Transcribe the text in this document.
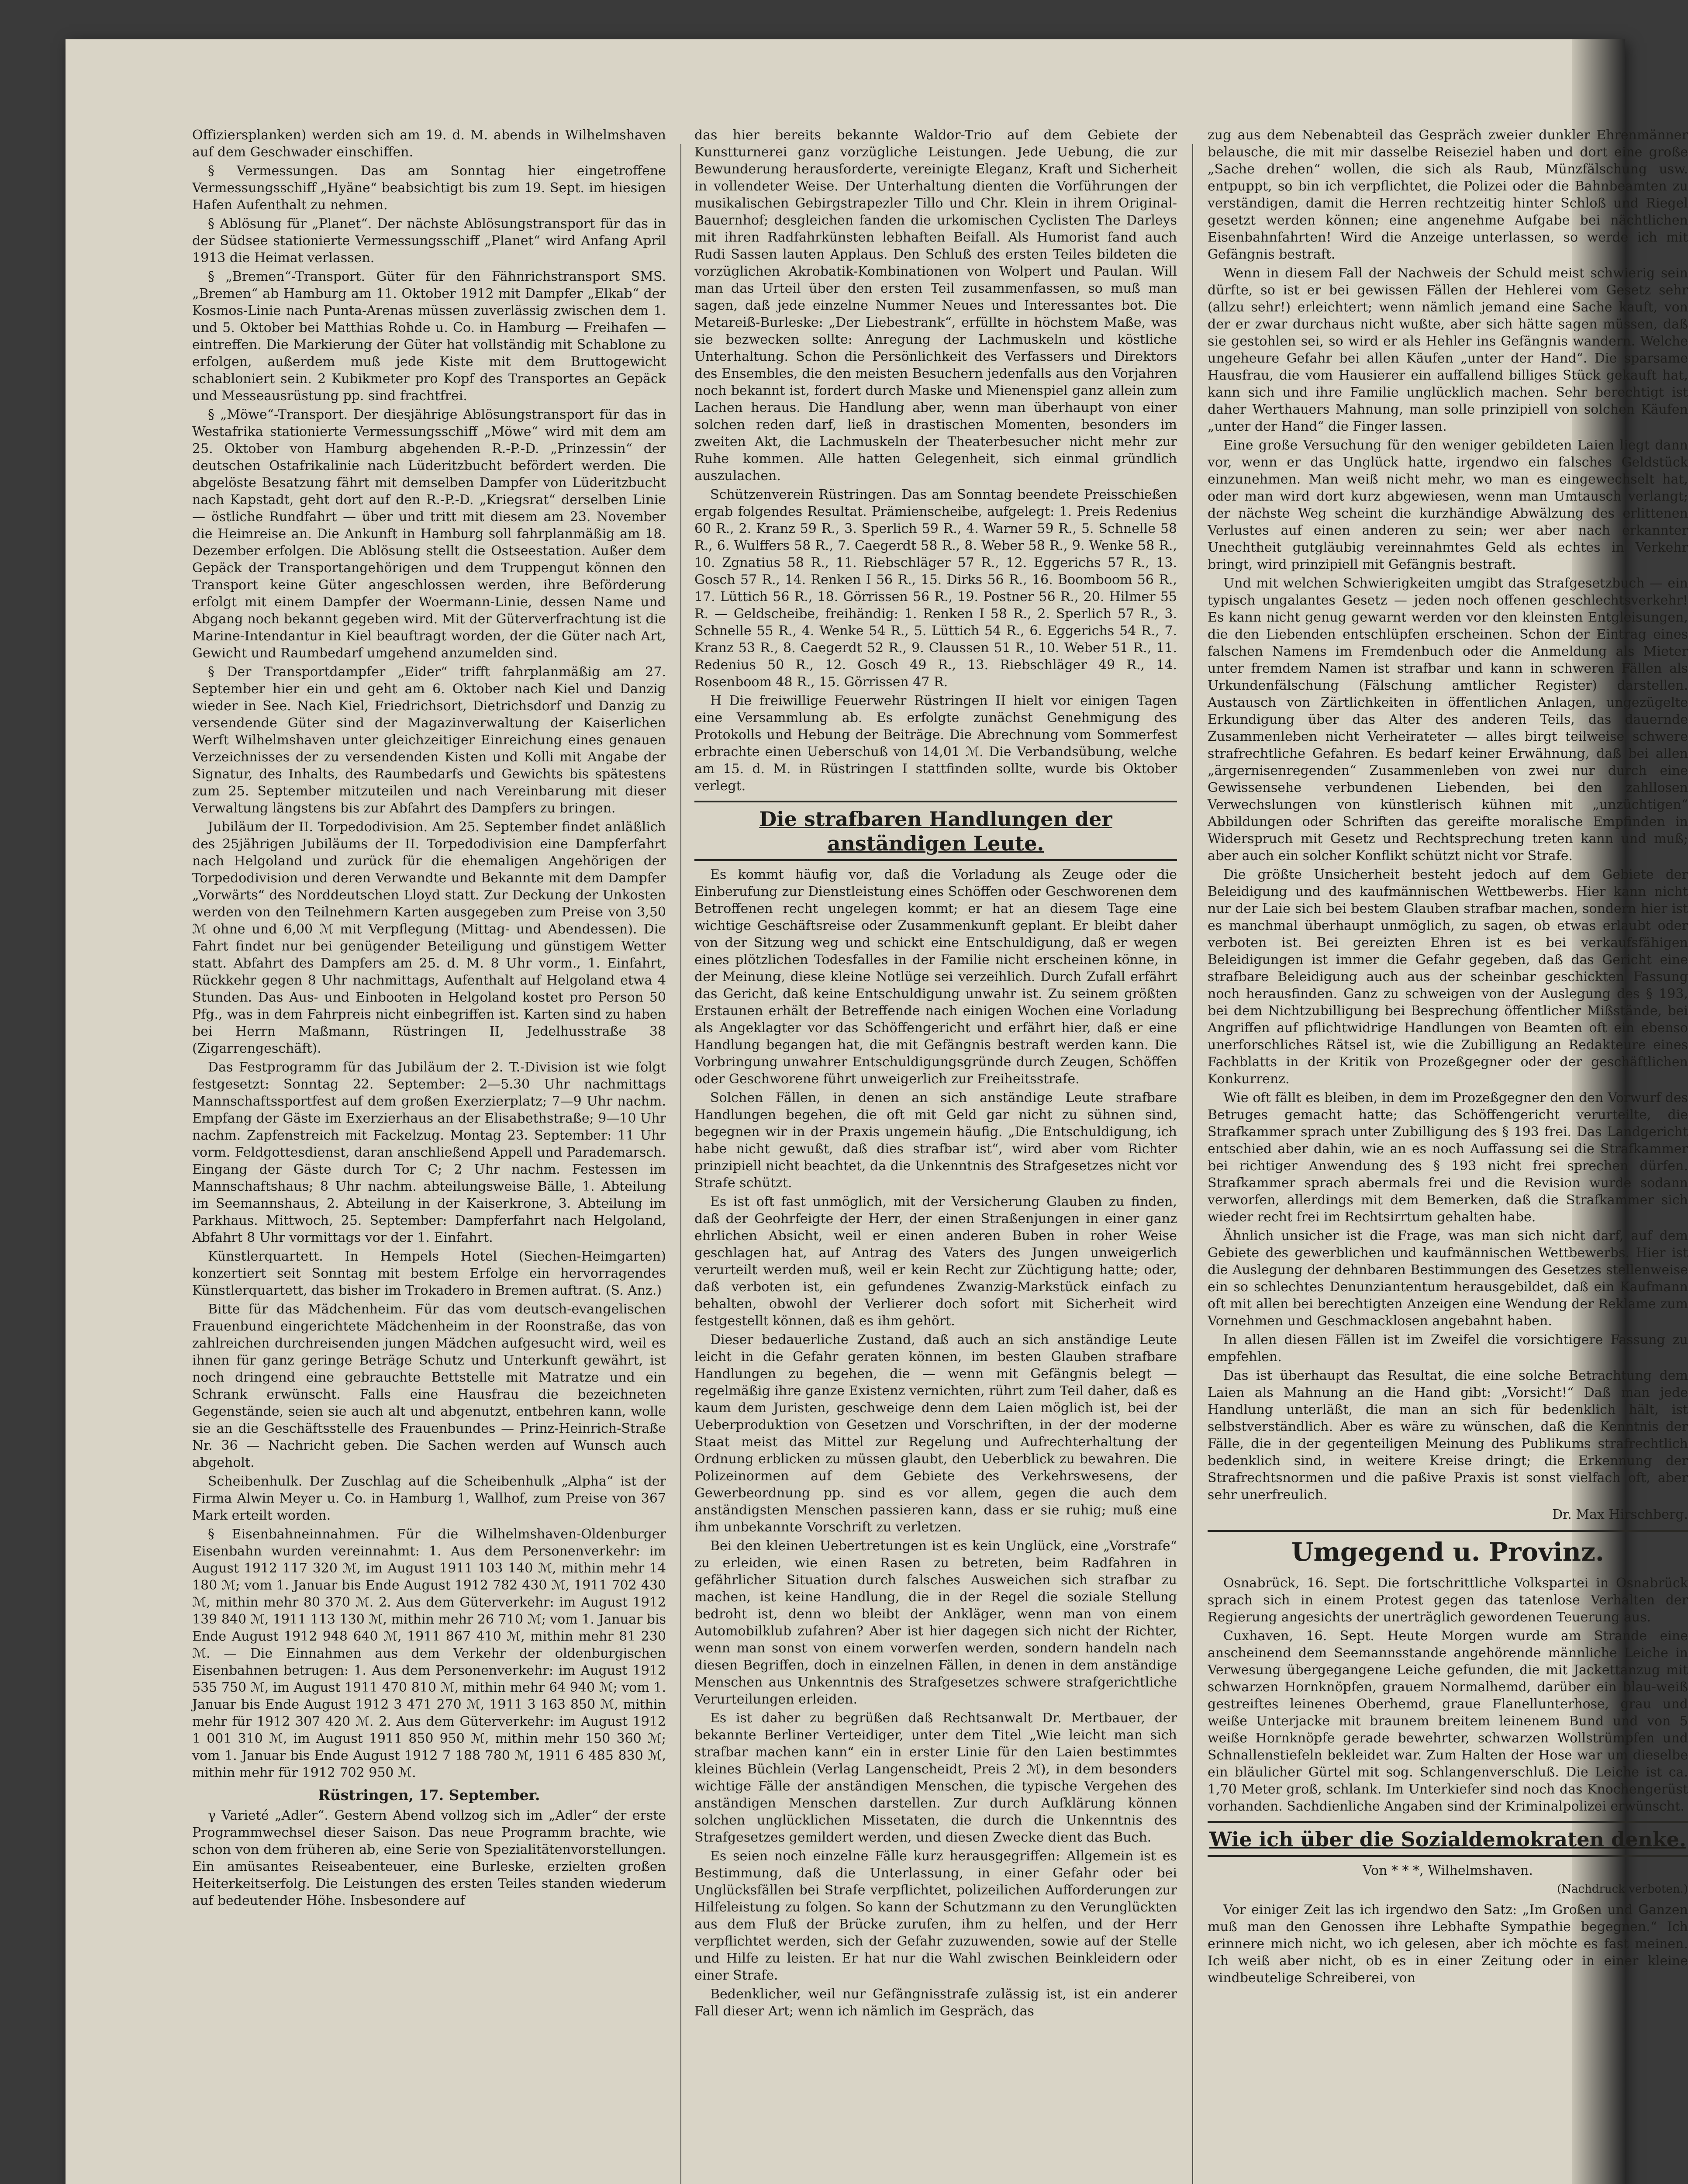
Offiziersplanken) werden sich am 19. d. M. abends in Wilhelmshaven auf dem Geschwader einschiffen.

§ Vermessungen. Das am Sonntag hier eingetroffene Vermessungsschiff „Hyäne“ beabsichtigt bis zum 19. Sept. im hiesigen Hafen Aufenthalt zu nehmen.

§ Ablösung für „Planet“. Der nächste Ablösungstransport für das in der Südsee stationierte Vermessungsschiff „Planet“ wird Anfang April 1913 die Heimat verlassen.

§ „Bremen“-Transport. Güter für den Fähnrichstransport SMS. „Bremen“ ab Hamburg am 11. Oktober 1912 mit Dampfer „Elkab“ der Kosmos-Linie nach Punta-Arenas müssen zuverlässig zwischen dem 1. und 5. Oktober bei Matthias Rohde u. Co. in Hamburg — Freihafen — eintreffen. Die Markierung der Güter hat vollständig mit Schablone zu erfolgen, außerdem muß jede Kiste mit dem Bruttogewicht schabloniert sein. 2 Kubikmeter pro Kopf des Transportes an Gepäck und Messeausrüstung pp. sind frachtfrei.

§ „Möwe“-Transport. Der diesjährige Ablösungstransport für das in Westafrika stationierte Vermessungsschiff „Möwe“ wird mit dem am 25. Oktober von Hamburg abgehenden R.-P.-D. „Prinzessin“ der deutschen Ostafrikalinie nach Lüderitzbucht befördert werden. Die abgelöste Besatzung fährt mit demselben Dampfer von Lüderitzbucht nach Kapstadt, geht dort auf den R.-P.-D. „Kriegsrat“ derselben Linie — östliche Rundfahrt — über und tritt mit diesem am 23. November die Heimreise an. Die Ankunft in Hamburg soll fahrplanmäßig am 18. Dezember erfolgen. Die Ablösung stellt die Ostseestation. Außer dem Gepäck der Transportangehörigen und dem Truppengut können den Transport keine Güter angeschlossen werden, ihre Beförderung erfolgt mit einem Dampfer der Woermann-Linie, dessen Name und Abgang noch bekannt gegeben wird. Mit der Güterverfrachtung ist die Marine-Intendantur in Kiel beauftragt worden, der die Güter nach Art, Gewicht und Raumbedarf umgehend anzumelden sind.

§ Der Transportdampfer „Eider“ trifft fahrplanmäßig am 27. September hier ein und geht am 6. Oktober nach Kiel und Danzig wieder in See. Nach Kiel, Friedrichsort, Dietrichsdorf und Danzig zu versendende Güter sind der Magazinverwaltung der Kaiserlichen Werft Wilhelmshaven unter gleichzeitiger Einreichung eines genauen Verzeichnisses der zu versendenden Kisten und Kolli mit Angabe der Signatur, des Inhalts, des Raumbedarfs und Gewichts bis spätestens zum 25. September mitzuteilen und nach Vereinbarung mit dieser Verwaltung längstens bis zur Abfahrt des Dampfers zu bringen.

Jubiläum der II. Torpedodivision. Am 25. September findet anläßlich des 25jährigen Jubiläums der II. Torpedodivision eine Dampferfahrt nach Helgoland und zurück für die ehemaligen Angehörigen der Torpedodivision und deren Verwandte und Bekannte mit dem Dampfer „Vorwärts“ des Norddeutschen Lloyd statt. Zur Deckung der Unkosten werden von den Teilnehmern Karten ausgegeben zum Preise von 3,50 ℳ ohne und 6,00 ℳ mit Verpflegung (Mittag- und Abendessen). Die Fahrt findet nur bei genügender Beteiligung und günstigem Wetter statt. Abfahrt des Dampfers am 25. d. M. 8 Uhr vorm., 1. Einfahrt, Rückkehr gegen 8 Uhr nachmittags, Aufenthalt auf Helgoland etwa 4 Stunden. Das Aus- und Einbooten in Helgoland kostet pro Person 50 Pfg., was in dem Fahrpreis nicht einbegriffen ist. Karten sind zu haben bei Herrn Maßmann, Rüstringen II, Jedelhusstraße 38 (Zigarrengeschäft).

Das Festprogramm für das Jubiläum der 2. T.-Division ist wie folgt festgesetzt: Sonntag 22. September: 2—5.30 Uhr nachmittags Mannschaftssportfest auf dem großen Exerzierplatz; 7—9 Uhr nachm. Empfang der Gäste im Exerzierhaus an der Elisabethstraße; 9—10 Uhr nachm. Zapfenstreich mit Fackelzug. Montag 23. September: 11 Uhr vorm. Feldgottesdienst, daran anschließend Appell und Parademarsch. Eingang der Gäste durch Tor C; 2 Uhr nachm. Festessen im Mannschaftshaus; 8 Uhr nachm. abteilungsweise Bälle, 1. Abteilung im Seemannshaus, 2. Abteilung in der Kaiserkrone, 3. Abteilung im Parkhaus. Mittwoch, 25. September: Dampferfahrt nach Helgoland, Abfahrt 8 Uhr vormittags vor der 1. Einfahrt.

Künstlerquartett. In Hempels Hotel (Siechen-Heimgarten) konzertiert seit Sonntag mit bestem Erfolge ein hervorragendes Künstlerquartett, das bisher im Trokadero in Bremen auftrat. (S. Anz.)

Bitte für das Mädchenheim. Für das vom deutsch-evangelischen Frauenbund eingerichtete Mädchenheim in der Roonstraße, das von zahlreichen durchreisenden jungen Mädchen aufgesucht wird, weil es ihnen für ganz geringe Beträge Schutz und Unterkunft gewährt, ist noch dringend eine gebrauchte Bettstelle mit Matratze und ein Schrank erwünscht. Falls eine Hausfrau die bezeichneten Gegenstände, seien sie auch alt und abgenutzt, entbehren kann, wolle sie an die Geschäftsstelle des Frauenbundes — Prinz-Heinrich-Straße Nr. 36 — Nachricht geben. Die Sachen werden auf Wunsch auch abgeholt.

Scheibenhulk. Der Zuschlag auf die Scheibenhulk „Alpha“ ist der Firma Alwin Meyer u. Co. in Hamburg 1, Wallhof, zum Preise von 367 Mark erteilt worden.

§ Eisenbahneinnahmen. Für die Wilhelmshaven-Oldenburger Eisenbahn wurden vereinnahmt: 1. Aus dem Personenverkehr: im August 1912 117 320 ℳ, im August 1911 103 140 ℳ, mithin mehr 14 180 ℳ; vom 1. Januar bis Ende August 1912 782 430 ℳ, 1911 702 430 ℳ, mithin mehr 80 370 ℳ. 2. Aus dem Güterverkehr: im August 1912 139 840 ℳ, 1911 113 130 ℳ, mithin mehr 26 710 ℳ; vom 1. Januar bis Ende August 1912 948 640 ℳ, 1911 867 410 ℳ, mithin mehr 81 230 ℳ. — Die Einnahmen aus dem Verkehr der oldenburgischen Eisenbahnen betrugen: 1. Aus dem Personenverkehr: im August 1912 535 750 ℳ, im August 1911 470 810 ℳ, mithin mehr 64 940 ℳ; vom 1. Januar bis Ende August 1912 3 471 270 ℳ, 1911 3 163 850 ℳ, mithin mehr für 1912 307 420 ℳ. 2. Aus dem Güterverkehr: im August 1912 1 001 310 ℳ, im August 1911 850 950 ℳ, mithin mehr 150 360 ℳ; vom 1. Januar bis Ende August 1912 7 188 780 ℳ, 1911 6 485 830 ℳ, mithin mehr für 1912 702 950 ℳ.

Rüstringen, 17. September.

γ Varieté „Adler“. Gestern Abend vollzog sich im „Adler“ der erste Programmwechsel dieser Saison. Das neue Programm brachte, wie schon von dem früheren ab, eine Serie von Spezialitätenvorstellungen. Ein amüsantes Reiseabenteuer, eine Burleske, erzielten großen Heiterkeitserfolg. Die Leistungen des ersten Teiles standen wiederum auf bedeutender Höhe. Insbesondere auf

das hier bereits bekannte Waldor-Trio auf dem Gebiete der Kunstturnerei ganz vorzügliche Leistungen. Jede Uebung, die zur Bewunderung herausforderte, vereinigte Eleganz, Kraft und Sicherheit in vollendeter Weise. Der Unterhaltung dienten die Vorführungen der musikalischen Gebirgstrapezler Tillo und Chr. Klein in ihrem Original-Bauernhof; desgleichen fanden die urkomischen Cyclisten The Darleys mit ihren Radfahrkünsten lebhaften Beifall. Als Humorist fand auch Rudi Sassen lauten Applaus. Den Schluß des ersten Teiles bildeten die vorzüglichen Akrobatik-Kombinationen von Wolpert und Paulan. Will man das Urteil über den ersten Teil zusammenfassen, so muß man sagen, daß jede einzelne Nummer Neues und Interessantes bot. Die Metareiß-Burleske: „Der Liebestrank“, erfüllte in höchstem Maße, was sie bezwecken sollte: Anregung der Lachmuskeln und köstliche Unterhaltung. Schon die Persönlichkeit des Verfassers und Direktors des Ensembles, die den meisten Besuchern jedenfalls aus den Vorjahren noch bekannt ist, fordert durch Maske und Mienenspiel ganz allein zum Lachen heraus. Die Handlung aber, wenn man überhaupt von einer solchen reden darf, ließ in drastischen Momenten, besonders im zweiten Akt, die Lachmuskeln der Theaterbesucher nicht mehr zur Ruhe kommen. Alle hatten Gelegenheit, sich einmal gründlich auszulachen.

Schützenverein Rüstringen. Das am Sonntag beendete Preisschießen ergab folgendes Resultat. Prämienscheibe, aufgelegt: 1. Preis Redenius 60 R., 2. Kranz 59 R., 3. Sperlich 59 R., 4. Warner 59 R., 5. Schnelle 58 R., 6. Wulffers 58 R., 7. Caegerdt 58 R., 8. Weber 58 R., 9. Wenke 58 R., 10. Zgnatius 58 R., 11. Riebschläger 57 R., 12. Eggerichs 57 R., 13. Gosch 57 R., 14. Renken I 56 R., 15. Dirks 56 R., 16. Boomboom 56 R., 17. Lüttich 56 R., 18. Görrissen 56 R., 19. Postner 56 R., 20. Hilmer 55 R. — Geldscheibe, freihändig: 1. Renken I 58 R., 2. Sperlich 57 R., 3. Schnelle 55 R., 4. Wenke 54 R., 5. Lüttich 54 R., 6. Eggerichs 54 R., 7. Kranz 53 R., 8. Caegerdt 52 R., 9. Claussen 51 R., 10. Weber 51 R., 11. Redenius 50 R., 12. Gosch 49 R., 13. Riebschläger 49 R., 14. Rosenboom 48 R., 15. Görrissen 47 R.

H Die freiwillige Feuerwehr Rüstringen II hielt vor einigen Tagen eine Versammlung ab. Es erfolgte zunächst Genehmigung des Protokolls und Hebung der Beiträge. Die Abrechnung vom Sommerfest erbrachte einen Ueberschuß von 14,01 ℳ. Die Verbandsübung, welche am 15. d. M. in Rüstringen I stattfinden sollte, wurde bis Oktober verlegt.

Die strafbaren Handlungen der anständigen Leute.

Es kommt häufig vor, daß die Vorladung als Zeuge oder die Einberufung zur Dienstleistung eines Schöffen oder Geschworenen dem Betroffenen recht ungelegen kommt; er hat an diesem Tage eine wichtige Geschäftsreise oder Zusammenkunft geplant. Er bleibt daher von der Sitzung weg und schickt eine Entschuldigung, daß er wegen eines plötzlichen Todesfalles in der Familie nicht erscheinen könne, in der Meinung, diese kleine Notlüge sei verzeihlich. Durch Zufall erfährt das Gericht, daß keine Entschuldigung unwahr ist. Zu seinem größten Erstaunen erhält der Betreffende nach einigen Wochen eine Vorladung als Angeklagter vor das Schöffengericht und erfährt hier, daß er eine Handlung begangen hat, die mit Gefängnis bestraft werden kann. Die Vorbringung unwahrer Entschuldigungsgründe durch Zeugen, Schöffen oder Geschworene führt unweigerlich zur Freiheitsstrafe.

Solchen Fällen, in denen an sich anständige Leute strafbare Handlungen begehen, die oft mit Geld gar nicht zu sühnen sind, begegnen wir in der Praxis ungemein häufig. „Die Entschuldigung, ich habe nicht gewußt, daß dies strafbar ist“, wird aber vom Richter prinzipiell nicht beachtet, da die Unkenntnis des Strafgesetzes nicht vor Strafe schützt.

Es ist oft fast unmöglich, mit der Versicherung Glauben zu finden, daß der Geohrfeigte der Herr, der einen Straßenjungen in einer ganz ehrlichen Absicht, weil er einen anderen Buben in roher Weise geschlagen hat, auf Antrag des Vaters des Jungen unweigerlich verurteilt werden muß, weil er kein Recht zur Züchtigung hatte; oder, daß verboten ist, ein gefundenes Zwanzig-Markstück einfach zu behalten, obwohl der Verlierer doch sofort mit Sicherheit wird festgestellt können, daß es ihm gehört.

Dieser bedauerliche Zustand, daß auch an sich anständige Leute leicht in die Gefahr geraten können, im besten Glauben strafbare Handlungen zu begehen, die — wenn mit Gefängnis belegt — regelmäßig ihre ganze Existenz vernichten, rührt zum Teil daher, daß es kaum dem Juristen, geschweige denn dem Laien möglich ist, bei der Ueberproduktion von Gesetzen und Vorschriften, in der der moderne Staat meist das Mittel zur Regelung und Aufrechterhaltung der Ordnung erblicken zu müssen glaubt, den Ueberblick zu bewahren. Die Polizeinormen auf dem Gebiete des Verkehrswesens, der Gewerbeordnung pp. sind es vor allem, gegen die auch dem anständigsten Menschen passieren kann, dass er sie ruhig; muß eine ihm unbekannte Vorschrift zu verletzen.

Bei den kleinen Uebertretungen ist es kein Unglück, eine „Vorstrafe“ zu erleiden, wie einen Rasen zu betreten, beim Radfahren in gefährlicher Situation durch falsches Ausweichen sich strafbar zu machen, ist keine Handlung, die in der Regel die soziale Stellung bedroht ist, denn wo bleibt der Ankläger, wenn man von einem Automobilklub zufahren? Aber ist hier dagegen sich nicht der Richter, wenn man sonst von einem vorwerfen werden, sondern handeln nach diesen Begriffen, doch in einzelnen Fällen, in denen in dem anständige Menschen aus Unkenntnis des Strafgesetzes schwere strafgerichtliche Verurteilungen erleiden.

Es ist daher zu begrüßen daß Rechtsanwalt Dr. Mertbauer, der bekannte Berliner Verteidiger, unter dem Titel „Wie leicht man sich strafbar machen kann“ ein in erster Linie für den Laien bestimmtes kleines Büchlein (Verlag Langenscheidt, Preis 2 ℳ), in dem besonders wichtige Fälle der anständigen Menschen, die typische Vergehen des anständigen Menschen darstellen. Zur durch Aufklärung können solchen unglücklichen Missetaten, die durch die Unkenntnis des Strafgesetzes gemildert werden, und diesen Zwecke dient das Buch.

Es seien noch einzelne Fälle kurz herausgegriffen: Allgemein ist es Bestimmung, daß die Unterlassung, in einer Gefahr oder bei Unglücksfällen bei Strafe verpflichtet, polizeilichen Aufforderungen zur Hilfeleistung zu folgen. So kann der Schutzmann zu den Verunglückten aus dem Fluß der Brücke zurufen, ihm zu helfen, und der Herr verpflichtet werden, sich der Gefahr zuzuwenden, sowie auf der Stelle und Hilfe zu leisten. Er hat nur die Wahl zwischen Beinkleidern oder einer Strafe.

Bedenklicher, weil nur Gefängnisstrafe zulässig ist, ist ein anderer Fall dieser Art; wenn ich nämlich im Gespräch, das

zug aus dem Nebenabteil das Gespräch zweier dunkler Ehrenmänner belausche, die mit mir dasselbe Reiseziel haben und dort eine große „Sache drehen“ wollen, die sich als Raub, Münzfälschung usw. entpuppt, so bin ich verpflichtet, die Polizei oder die Bahnbeamten zu verständigen, damit die Herren rechtzeitig hinter Schloß und Riegel gesetzt werden können; eine angenehme Aufgabe bei nächtlichen Eisenbahnfahrten! Wird die Anzeige unterlassen, so werde ich mit Gefängnis bestraft.

Wenn in diesem Fall der Nachweis der Schuld meist schwierig sein dürfte, so ist er bei gewissen Fällen der Hehlerei vom Gesetz sehr (allzu sehr!) erleichtert; wenn nämlich jemand eine Sache kauft, von der er zwar durchaus nicht wußte, aber sich hätte sagen müssen, daß sie gestohlen sei, so wird er als Hehler ins Gefängnis wandern. Welche ungeheure Gefahr bei allen Käufen „unter der Hand“. Die sparsame Hausfrau, die vom Hausierer ein auffallend billiges Stück gekauft hat, kann sich und ihre Familie unglücklich machen. Sehr berechtigt ist daher Werthauers Mahnung, man solle prinzipiell von solchen Käufen „unter der Hand“ die Finger lassen.

Eine große Versuchung für den weniger gebildeten Laien liegt dann vor, wenn er das Unglück hatte, irgendwo ein falsches Geldstück einzunehmen. Man weiß nicht mehr, wo man es eingewechselt hat, oder man wird dort kurz abgewiesen, wenn man Umtausch verlangt; der nächste Weg scheint die kurzhändige Abwälzung des erlittenen Verlustes auf einen anderen zu sein; wer aber nach erkannter Unechtheit gutgläubig vereinnahmtes Geld als echtes in Verkehr bringt, wird prinzipiell mit Gefängnis bestraft.

Und mit welchen Schwierigkeiten umgibt das Strafgesetzbuch — ein typisch ungalantes Gesetz — jeden noch offenen geschlechtsverkehr! Es kann nicht genug gewarnt werden vor den kleinsten Entgleisungen, die den Liebenden entschlüpfen erscheinen. Schon der Eintrag eines falschen Namens im Fremdenbuch oder die Anmeldung als Mieter unter fremdem Namen ist strafbar und kann in schweren Fällen als Urkundenfälschung (Fälschung amtlicher Register) darstellen. Austausch von Zärtlichkeiten in öffentlichen Anlagen, ungezügelte Erkundigung über das Alter des anderen Teils, das dauernde Zusammenleben nicht Verheirateter — alles birgt teilweise schwere strafrechtliche Gefahren. Es bedarf keiner Erwähnung, daß bei allen „ärgernisenregenden“ Zusammenleben von zwei nur durch eine Gewissensehe verbundenen Liebenden, bei den zahllosen Verwechslungen von künstlerisch kühnen mit „unzüchtigen“ Abbildungen oder Schriften das gereifte moralische Empfinden in Widerspruch mit Gesetz und Rechtsprechung treten kann und muß; aber auch ein solcher Konflikt schützt nicht vor Strafe.

Die größte Unsicherheit besteht jedoch auf dem Gebiete der Beleidigung und des kaufmännischen Wettbewerbs. Hier kann nicht nur der Laie sich bei bestem Glauben strafbar machen, sondern hier ist es manchmal überhaupt unmöglich, zu sagen, ob etwas erlaubt oder verboten ist. Bei gereizten Ehren ist es bei verkaufsfähigen Beleidigungen ist immer die Gefahr gegeben, daß das Gericht eine strafbare Beleidigung auch aus der scheinbar geschickten Fassung noch herausfinden. Ganz zu schweigen von der Auslegung des § 193, bei dem Nichtzubilligung bei Besprechung öffentlicher Mißstände, bei Angriffen auf pflichtwidrige Handlungen von Beamten oft ein ebenso unerforschliches Rätsel ist, wie die Zubilligung an Redakteure eines Fachblatts in der Kritik von Prozeßgegner oder der geschäftlichen Konkurrenz.

Wie oft fällt es bleiben, in dem im Prozeßgegner den den Vorwurf des Betruges gemacht hatte; das Schöffengericht verurteilte, die Strafkammer sprach unter Zubilligung des § 193 frei. Das Landgericht entschied aber dahin, wie an es noch Auffassung sei die Strafkammer bei richtiger Anwendung des § 193 nicht frei sprechen dürfen. Strafkammer sprach abermals frei und die Revision wurde sodann verworfen, allerdings mit dem Bemerken, daß die Strafkammer sich wieder recht frei im Rechtsirrtum gehalten habe.

Ähnlich unsicher ist die Frage, was man sich nicht darf, auf dem Gebiete des gewerblichen und kaufmännischen Wettbewerbs. Hier ist die Auslegung der dehnbaren Bestimmungen des Gesetzes stellenweise ein so schlechtes Denunziantentum herausgebildet, daß ein Kaufmann oft mit allen bei berechtigten Anzeigen eine Wendung der Reklame zum Vornehmen und Geschmacklosen angebahnt haben.

In allen diesen Fällen ist im Zweifel die vorsichtigere Fassung zu empfehlen.

Das ist überhaupt das Resultat, die eine solche Betrachtung dem Laien als Mahnung an die Hand gibt: „Vorsicht!“ Daß man jede Handlung unterläßt, die man an sich für bedenklich hält, ist selbstverständlich. Aber es wäre zu wünschen, daß die Kenntnis der Fälle, die in der gegenteiligen Meinung des Publikums strafrechtlich bedenklich sind, in weitere Kreise dringt; die Erkennung der Strafrechtsnormen und die paßive Praxis ist sonst vielfach oft, aber sehr unerfreulich.

Dr. Max Hirschberg.
Umgegend u. Provinz.

Osnabrück, 16. Sept. Die fortschrittliche Volkspartei in Osnabrück sprach sich in einem Protest gegen das tatenlose Verhalten der Regierung angesichts der unerträglich gewordenen Teuerung aus.

Cuxhaven, 16. Sept. Heute Morgen wurde am Strande eine anscheinend dem Seemannsstande angehörende männliche Leiche in Verwesung übergegangene Leiche gefunden, die mit Jackettanzug mit schwarzen Hornknöpfen, grauem Normalhemd, darüber ein blau-weiß gestreiftes leinenes Oberhemd, graue Flanellunterhose, grau und weiße Unterjacke mit braunem breitem leinenem Bund und von 5 weiße Hornknöpfe gerade bewehrter, schwarzen Wollstrümpfen und Schnallenstiefeln bekleidet war. Zum Halten der Hose war um dieselbe ein bläulicher Gürtel mit sog. Schlangenverschluß. Die Leiche ist ca. 1,70 Meter groß, schlank. Im Unterkiefer sind noch das Knochengerüst vorhanden. Sachdienliche Angaben sind der Kriminalpolizei erwünscht.

Wie ich über die Sozialdemokraten denke.
Von * * *, Wilhelmshaven.
(Nachdruck verboten.)

Vor einiger Zeit las ich irgendwo den Satz: „Im Großen und Ganzen muß man den Genossen ihre Lebhafte Sympathie begegnen.“ Ich erinnere mich nicht, wo ich gelesen, aber ich möchte es fast meinen. Ich weiß aber nicht, ob es in einer Zeitung oder in einer kleine windbeutelige Schreiberei, von
